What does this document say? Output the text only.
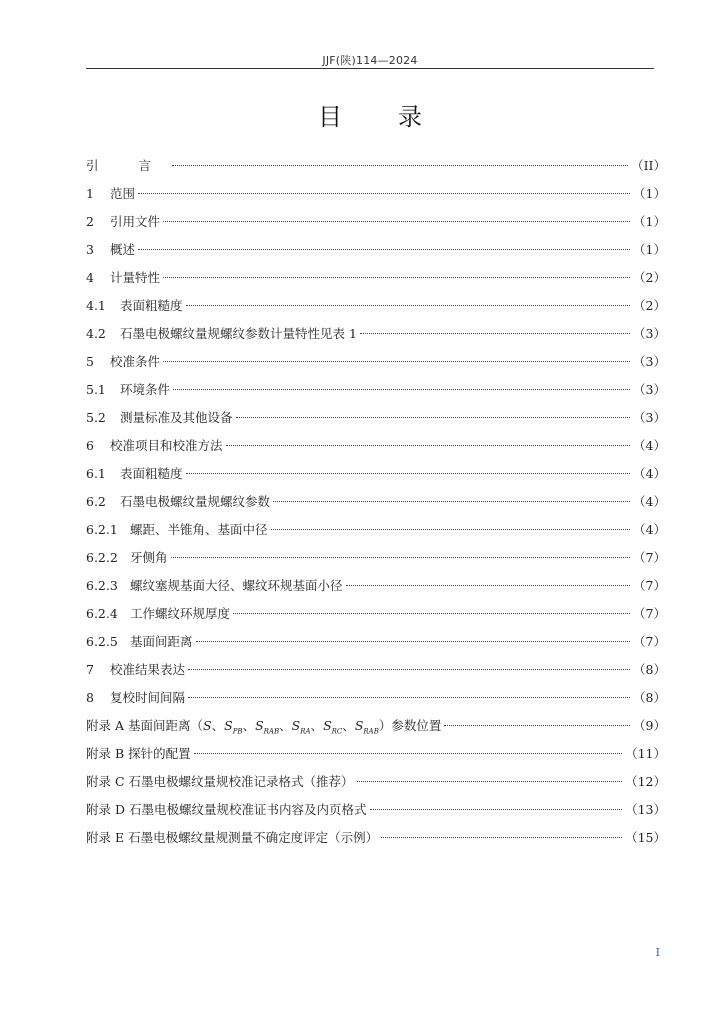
JJF(陕)114—2024
目录
引 言	（II）
1	范围	（1）
2	引用文件	（1）
3	概述	（1）
4	计量特性	（2）
4.1	表面粗糙度	（2）
4.2	石墨电极螺纹量规螺纹参数计量特性见表 1	（3）
5	校准条件	（3）
5.1	环境条件	（3）
5.2	测量标准及其他设备	（3）
6	校准项目和校准方法	（4）
6.1	表面粗糙度	（4）
6.2	石墨电极螺纹量规螺纹参数	（4）
6.2.1 螺距、半锥角、基面中径	（4）
6.2.2 牙侧角	（7）
6.2.3 螺纹塞规基面大径、螺纹环规基面小径	（7）
6.2.4 工作螺纹环规厚度	（7）
6.2.5 基面间距离	（7）
7	校准结果表达	（8）
8	复校时间间隔	（8）
附录 A 基面间距离（S、$S_{PB}$、$S_{RAB}$、$S_{RA}$、$S_{RC}$、$S_{RAB}$）参数位置	（9）
附录 B 探针的配置	（11）
附录 C 石墨电极螺纹量规校准记录格式（推荐）	（12）
附录 D 石墨电极螺纹量规校准证书内容及内页格式	（13）
附录 E 石墨电极螺纹量规测量不确定度评定（示例）	（15）
I
